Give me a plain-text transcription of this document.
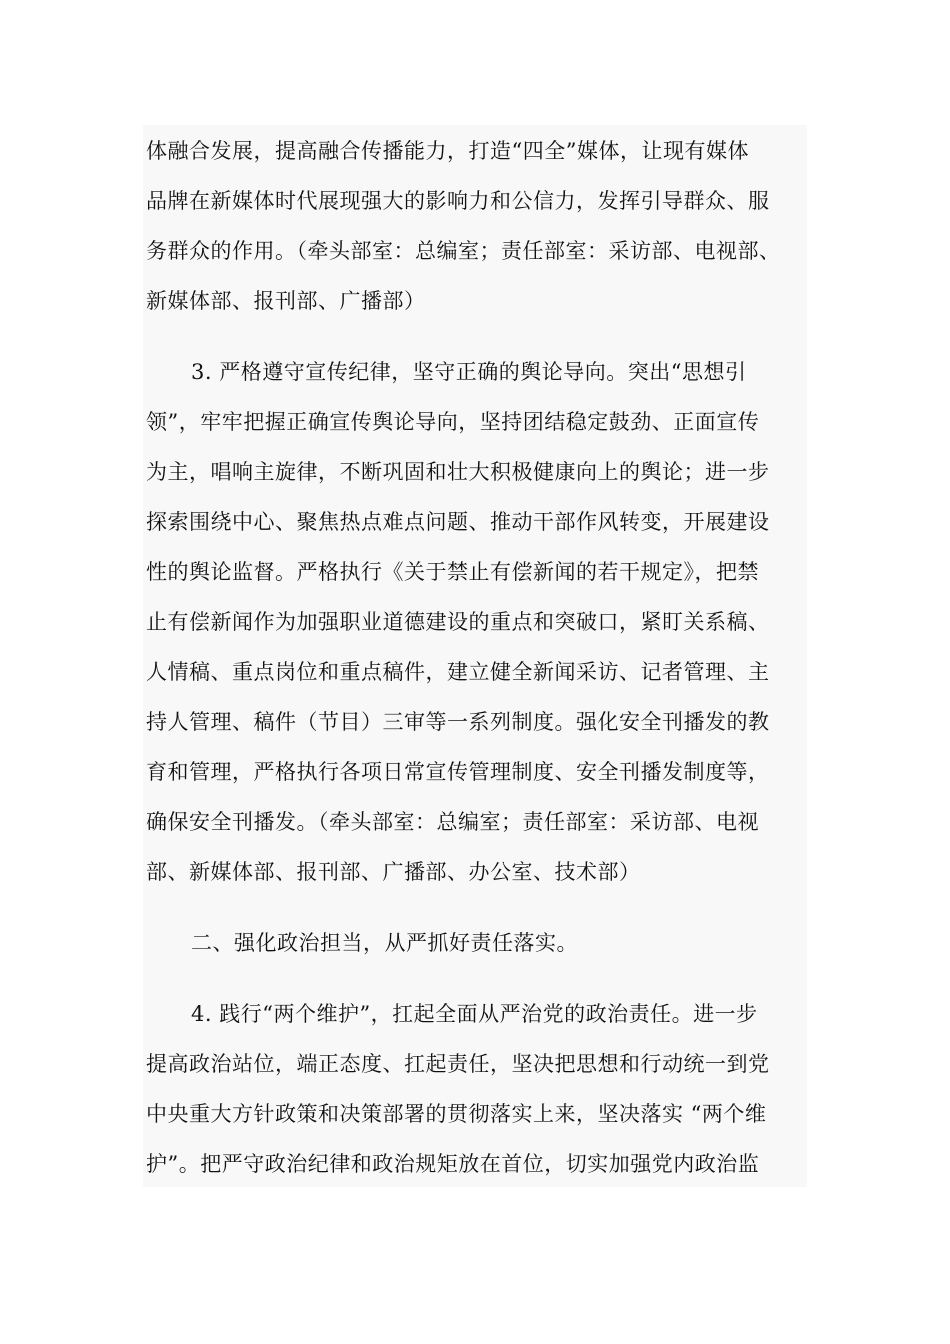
体融合发展，提高融合传播能力，打造“四全”媒体，让现有媒体
品牌在新媒体时代展现强大的影响力和公信力，发挥引导群众、服
务群众的作用。（牵头部室：总编室；责任部室：采访部、电视部、
新媒体部、报刊部、广播部）
3. 严格遵守宣传纪律，坚守正确的舆论导向。突出“思想引
领”，牢牢把握正确宣传舆论导向，坚持团结稳定鼓劲、正面宣传
为主，唱响主旋律，不断巩固和壮大积极健康向上的舆论；进一步
探索围绕中心、聚焦热点难点问题、推动干部作风转变，开展建设
性的舆论监督。严格执行《关于禁止有偿新闻的若干规定》，把禁
止有偿新闻作为加强职业道德建设的重点和突破口，紧盯关系稿、
人情稿、重点岗位和重点稿件，建立健全新闻采访、记者管理、主
持人管理、稿件（节目）三审等一系列制度。强化安全刊播发的教
育和管理，严格执行各项日常宣传管理制度、安全刊播发制度等，
确保安全刊播发。（牵头部室：总编室；责任部室：采访部、电视
部、新媒体部、报刊部、广播部、办公室、技术部）
二、强化政治担当，从严抓好责任落实。
4. 践行“两个维护”，扛起全面从严治党的政治责任。进一步
提高政治站位，端正态度、扛起责任，坚决把思想和行动统一到党
中央重大方针政策和决策部署的贯彻落实上来，坚决落实 “两个维
护”。把严守政治纪律和政治规矩放在首位，切实加强党内政治监
